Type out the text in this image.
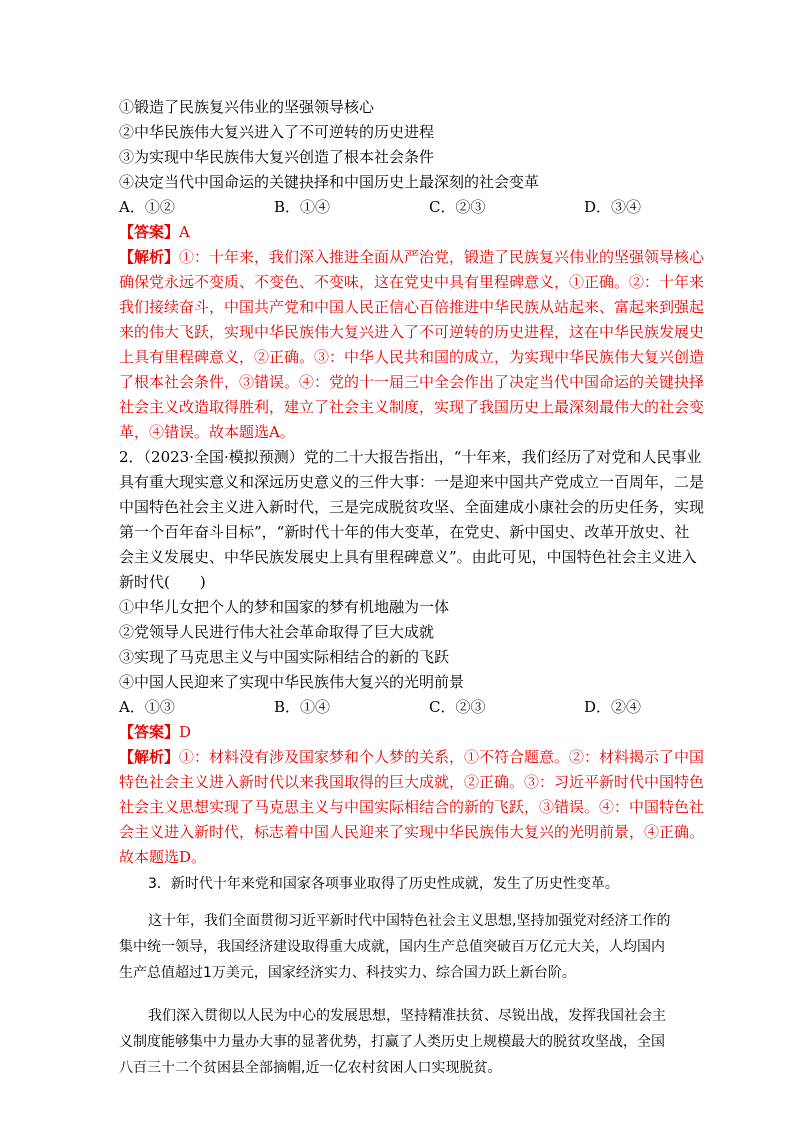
①锻造了民族复兴伟业的坚强领导核心
②中华民族伟大复兴进入了不可逆转的历史进程
③为实现中华民族伟大复兴创造了根本社会条件
④决定当代中国命运的关键抉择和中国历史上最深刻的社会变革
A．①②	B．①④	C．②③	D．③④
【答案】A
【解析】①：十年来，我们深入推进全面从严治党，锻造了民族复兴伟业的坚强领导核心
确保党永远不变质、不变色、不变味，这在党史中具有里程碑意义，①正确。②：十年来
我们接续奋斗，中国共产党和中国人民正信心百倍推进中华民族从站起来、富起来到强起
来的伟大飞跃，实现中华民族伟大复兴进入了不可逆转的历史进程，这在中华民族发展史
上具有里程碑意义，②正确。③：中华人民共和国的成立，为实现中华民族伟大复兴创造
了根本社会条件，③错误。④：党的十一届三中全会作出了决定当代中国命运的关键抉择
社会主义改造取得胜利，建立了社会主义制度，实现了我国历史上最深刻最伟大的社会变
革，④错误。故本题选A。
2．（2023·全国·模拟预测）党的二十大报告指出，“十年来，我们经历了对党和人民事业
具有重大现实意义和深远历史意义的三件大事：一是迎来中国共产党成立一百周年，二是
中国特色社会主义进入新时代，三是完成脱贫攻坚、全面建成小康社会的历史任务，实现
第一个百年奋斗目标”，“新时代十年的伟大变革，在党史、新中国史、改革开放史、社
会主义发展史、中华民族发展史上具有里程碑意义”。由此可见，中国特色社会主义进入
新时代(　　)
①中华儿女把个人的梦和国家的梦有机地融为一体
②党领导人民进行伟大社会革命取得了巨大成就
③实现了马克思主义与中国实际相结合的新的飞跃
④中国人民迎来了实现中华民族伟大复兴的光明前景
A．①③	B．①④	C．②③	D．②④
【答案】D
【解析】①：材料没有涉及国家梦和个人梦的关系，①不符合题意。②：材料揭示了中国
特色社会主义进入新时代以来我国取得的巨大成就，②正确。③：习近平新时代中国特色
社会主义思想实现了马克思主义与中国实际相结合的新的飞跃，③错误。④：中国特色社
会主义进入新时代，标志着中国人民迎来了实现中华民族伟大复兴的光明前景，④正确。
故本题选D。
3．新时代十年来党和国家各项事业取得了历史性成就，发生了历史性变革。
这十年，我们全面贯彻习近平新时代中国特色社会主义思想,坚持加强党对经济工作的
集中统一领导，我国经济建设取得重大成就，国内生产总值突破百万亿元大关，人均国内
生产总值超过1万美元，国家经济实力、科技实力、综合国力跃上新台阶。
我们深入贯彻以人民为中心的发展思想，坚持精准扶贫、尽锐出战，发挥我国社会主
义制度能够集中力量办大事的显著优势，打赢了人类历史上规模最大的脱贫攻坚战，全国
八百三十二个贫困县全部摘帽,近一亿农村贫困人口实现脱贫。
